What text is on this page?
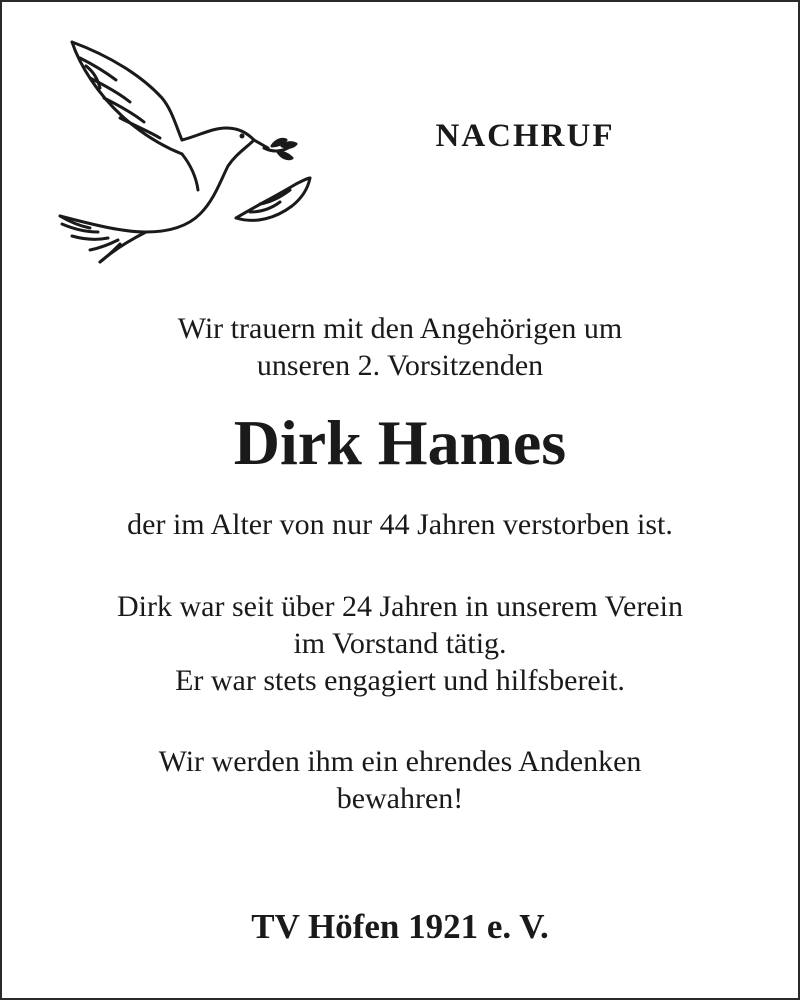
NACHRUF
Wir trauern mit den Angehörigen um
unseren 2. Vorsitzenden
Dirk Hames
der im Alter von nur 44 Jahren verstorben ist.
Dirk war seit über 24 Jahren in unserem Verein
im Vorstand tätig.
Er war stets engagiert und hilfsbereit.
Wir werden ihm ein ehrendes Andenken
bewahren!
TV Höfen 1921 e. V.
